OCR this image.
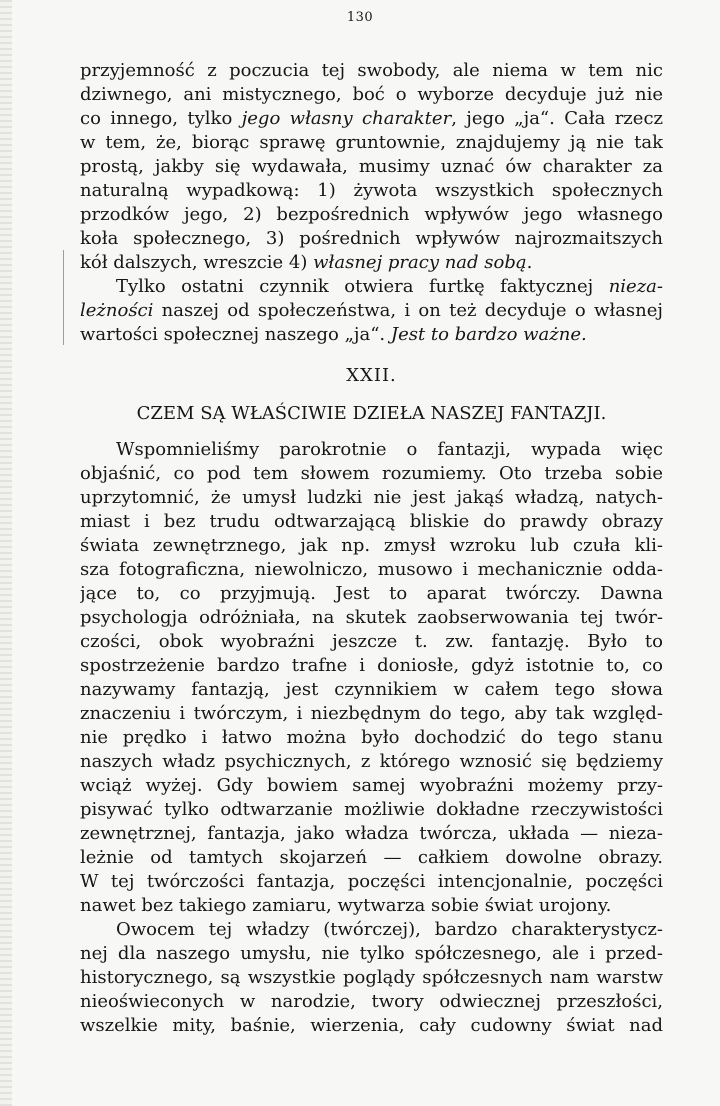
130
przyjemność z poczucia tej swobody, ale niema w tem nic
dziwnego, ani mistycznego, boć o wyborze decyduje już nie
co innego, tylko jego własny charakter, jego „ja“. Cała rzecz
w tem, że, biorąc sprawę gruntownie, znajdujemy ją nie tak
prostą, jakby się wydawała, musimy uznać ów charakter za
naturalną wypadkową: 1) żywota wszystkich społecznych
przodków jego, 2) bezpośrednich wpływów jego własnego
koła społecznego, 3) pośrednich wpływów najrozmaitszych
kół dalszych, wreszcie 4) własnej pracy nad sobą.
Tylko ostatni czynnik otwiera furtkę faktycznej nieza-
leżności naszej od społeczeństwa, i on też decyduje o własnej
wartości społecznej naszego „ja“. Jest to bardzo ważne.
XXII.
CZEM SĄ WŁAŚCIWIE DZIEŁA NASZEJ FANTAZJI.
Wspomnieliśmy parokrotnie o fantazji, wypada więc
objaśnić, co pod tem słowem rozumiemy. Oto trzeba sobie
uprzytomnić, że umysł ludzki nie jest jakąś władzą, natych-
miast i bez trudu odtwarzającą bliskie do prawdy obrazy
świata zewnętrznego, jak np. zmysł wzroku lub czuła kli-
sza fotograficzna, niewolniczo, musowo i mechanicznie odda-
jące to, co przyjmują. Jest to aparat twórczy. Dawna
psychologja odróżniała, na skutek zaobserwowania tej twór-
czości, obok wyobraźni jeszcze t. zw. fantazję. Było to
spostrzeżenie bardzo trafne i doniosłe, gdyż istotnie to, co
nazywamy fantazją, jest czynnikiem w całem tego słowa
znaczeniu i twórczym, i niezbędnym do tego, aby tak względ-
nie prędko i łatwo można było dochodzić do tego stanu
naszych władz psychicznych, z którego wznosić się będziemy
wciąż wyżej. Gdy bowiem samej wyobraźni możemy przy-
pisywać tylko odtwarzanie możliwie dokładne rzeczywistości
zewnętrznej, fantazja, jako władza twórcza, układa — nieza-
leżnie od tamtych skojarzeń — całkiem dowolne obrazy.
W tej twórczości fantazja, poczęści intencjonalnie, poczęści
nawet bez takiego zamiaru, wytwarza sobie świat urojony.
Owocem tej władzy (twórczej), bardzo charakterystycz-
nej dla naszego umysłu, nie tylko spółczesnego, ale i przed-
historycznego, są wszystkie poglądy spółczesnych nam warstw
nieoświeconych w narodzie, twory odwiecznej przeszłości,
wszelkie mity, baśnie, wierzenia, cały cudowny świat nad
